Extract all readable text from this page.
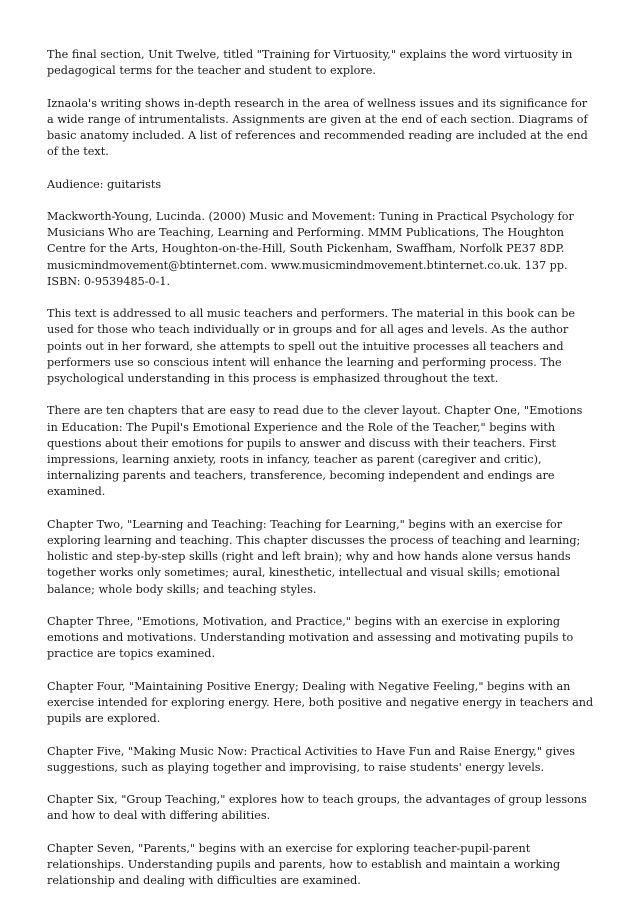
The final section, Unit Twelve, titled "Training for Virtuosity," explains the word virtuosity in pedagogical terms for the teacher and student to explore.

Iznaola's writing shows in-depth research in the area of wellness issues and its significance for a wide range of intrumentalists. Assignments are given at the end of each section. Diagrams of basic anatomy included. A list of references and recommended reading are included at the end of the text.

Audience: guitarists

Mackworth-Young, Lucinda. (2000) Music and Movement: Tuning in Practical Psychology for Musicians Who are Teaching, Learning and Performing. MMM Publications, The Houghton Centre for the Arts, Houghton-on-the-Hill, South Pickenham, Swaffham, Norfolk PE37 8DP. musicmindmovement@btinternet.com. www.musicmindmovement.btinternet.co.uk. 137 pp. ISBN: 0-9539485-0-1.

This text is addressed to all music teachers and performers. The material in this book can be used for those who teach individually or in groups and for all ages and levels. As the author points out in her forward, she attempts to spell out the intuitive processes all teachers and performers use so conscious intent will enhance the learning and performing process. The psychological understanding in this process is emphasized throughout the text.

There are ten chapters that are easy to read due to the clever layout. Chapter One, "Emotions in Education: The Pupil's Emotional Experience and the Role of the Teacher," begins with questions about their emotions for pupils to answer and discuss with their teachers. First impressions, learning anxiety, roots in infancy, teacher as parent (caregiver and critic), internalizing parents and teachers, transference, becoming independent and endings are examined.

Chapter Two, "Learning and Teaching: Teaching for Learning," begins with an exercise for exploring learning and teaching. This chapter discusses the process of teaching and learning; holistic and step-by-step skills (right and left brain); why and how hands alone versus hands together works only sometimes; aural, kinesthetic, intellectual and visual skills; emotional balance; whole body skills; and teaching styles.

Chapter Three, "Emotions, Motivation, and Practice," begins with an exercise in exploring emotions and motivations. Understanding motivation and assessing and motivating pupils to practice are topics examined.

Chapter Four, "Maintaining Positive Energy; Dealing with Negative Feeling," begins with an exercise intended for exploring energy. Here, both positive and negative energy in teachers and pupils are explored.

Chapter Five, "Making Music Now: Practical Activities to Have Fun and Raise Energy," gives suggestions, such as playing together and improvising, to raise students' energy levels.

Chapter Six, "Group Teaching," explores how to teach groups, the advantages of group lessons and how to deal with differing abilities.

Chapter Seven, "Parents," begins with an exercise for exploring teacher-pupil-parent relationships. Understanding pupils and parents, how to establish and maintain a working relationship and dealing with difficulties are examined.
